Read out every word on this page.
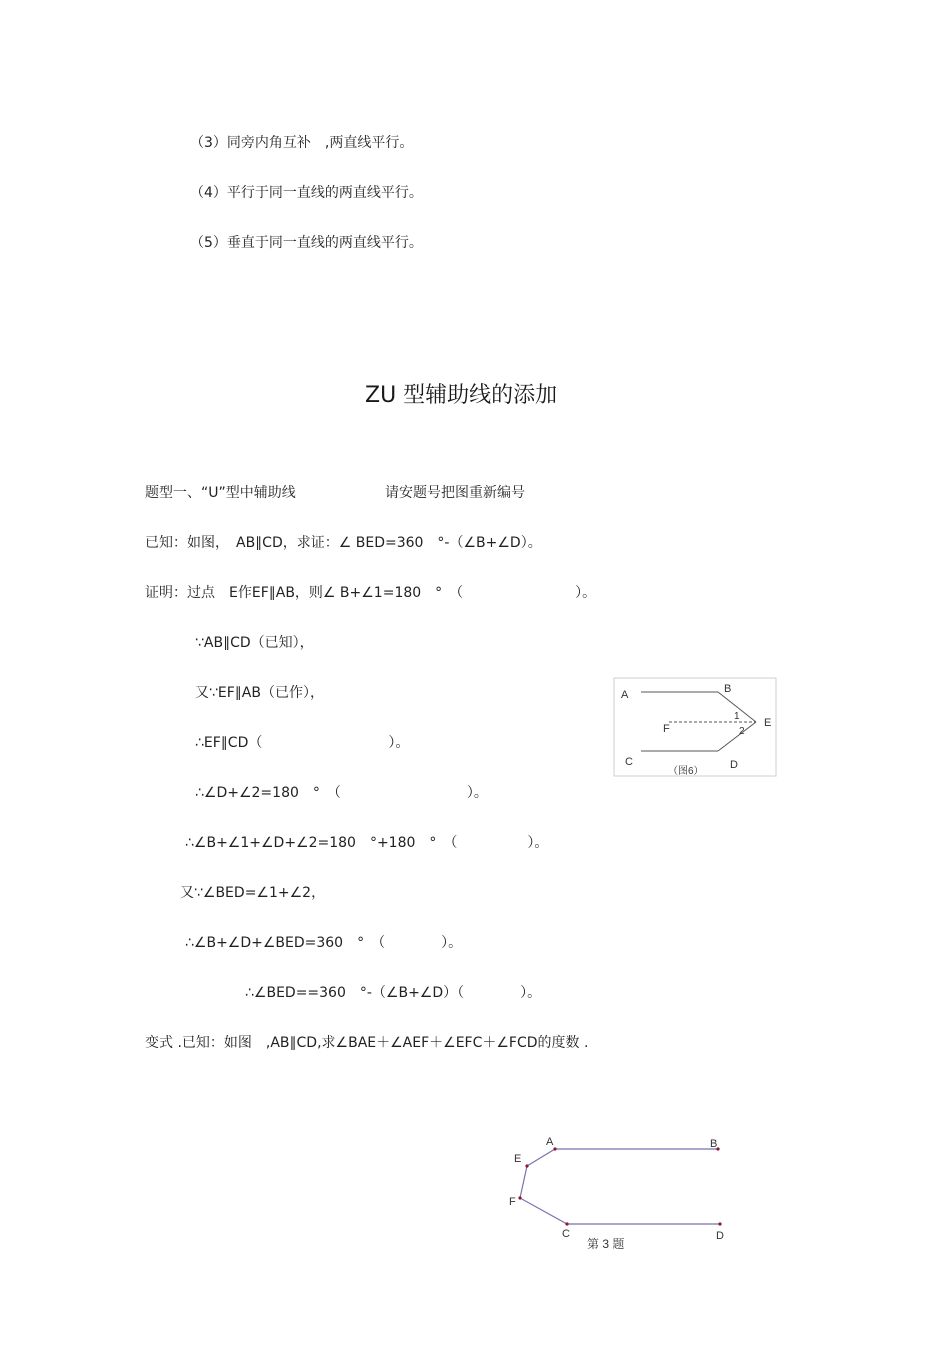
（3）同旁内角互补　,两直线平行。
（4）平行于同一直线的两直线平行。
（5）垂直于同一直线的两直线平行。
ZU 型辅助线的添加
题型一、“U”型中辅助线	请安题号把图重新编号
已知：如图，　AB∥CD，求证：∠ BED=360　°-（∠B+∠D）。
证明：过点　E作EF∥AB，则∠ B+∠1=180　°　（　　　　　　　　）。
∵AB∥CD（已知），
又∵EF∥AB（已作），
∴EF∥CD（　　　　　　　　　）。
∴∠D+∠2=180　°　（　　　　　　　　　）。
∴∠B+∠1+∠D+∠2=180　°+180　°　（　　　　　）。
又∵∠BED=∠1+∠2，
∴∠B+∠D+∠BED=360　°　（　　　　）。
∴∠BED==360　°-（∠B+∠D）（　　　　）。
变式 .已知：如图　,AB∥CD,求∠BAE＋∠AEF＋∠EFC＋∠FCD的度数 .
A	B
E
F
C	D
1
2
（图6）
A	B
E
F
C	D
第 3 题
